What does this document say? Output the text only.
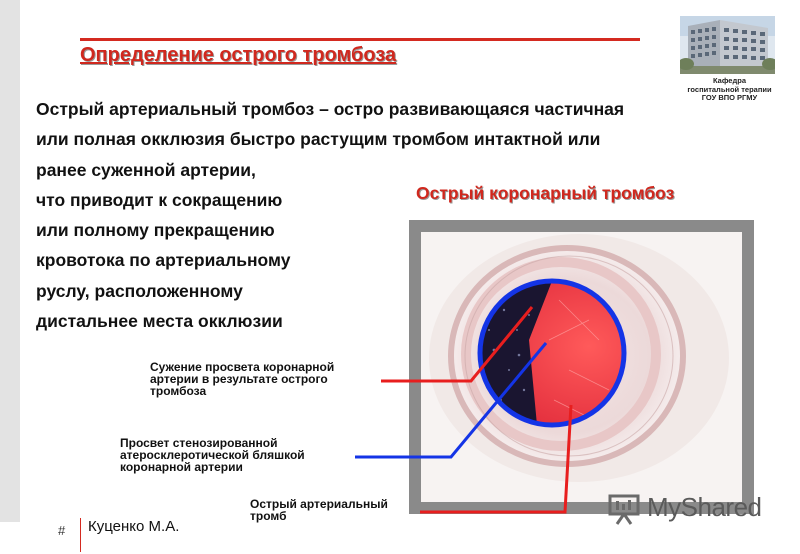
Определение острого тромбоза
Кафедра
госпитальной терапии
ГОУ ВПО РГМУ
Острый артериальный тромбоз – остро развивающаяся частичная
или полная окклюзия быстро растущим тромбом интактной или
ранее суженной артерии,
что приводит к сокращению
или полному прекращению
кровотока по артериальному
руслу, расположенному
дистальнее места окклюзии
Острый коронарный тромбоз
Сужение просвета коронарной
артерии в результате острого
тромбоза
Просвет стенозированной
атеросклеротической бляшкой
коронарной артерии
Острый артериальный
тромб
# Куценко М.А.
MyShared
